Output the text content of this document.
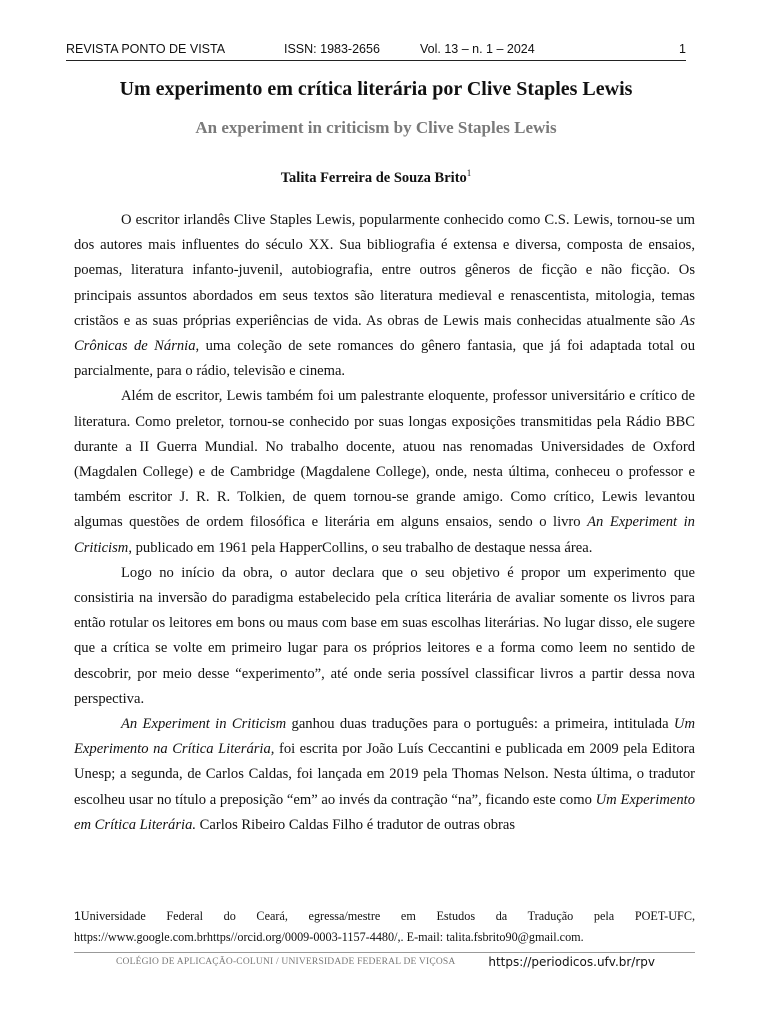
REVISTA PONTO DE VISTA	ISSN: 1983-2656	Vol. 13 – n. 1 – 2024	1
Um experimento em crítica literária por Clive Staples Lewis
An experiment in criticism by Clive Staples Lewis
Talita Ferreira de Souza Brito$^1$

O escritor irlandês Clive Staples Lewis, popularmente conhecido como C.S. Lewis, tornou-se um dos autores mais influentes do século XX. Sua bibliografia é extensa e diversa, composta de ensaios, poemas, literatura infanto-juvenil, autobiografia, entre outros gêneros de ficção e não ficção. Os principais assuntos abordados em seus textos são literatura medieval e renascentista, mitologia, temas cristãos e as suas próprias experiências de vida. As obras de Lewis mais conhecidas atualmente são As Crônicas de Nárnia, uma coleção de sete romances do gênero fantasia, que já foi adaptada total ou parcialmente, para o rádio, televisão e cinema.

Além de escritor, Lewis também foi um palestrante eloquente, professor universitário e crítico de literatura. Como preletor, tornou-se conhecido por suas longas exposições transmitidas pela Rádio BBC durante a II Guerra Mundial. No trabalho docente, atuou nas renomadas Universidades de Oxford (Magdalen College) e de Cambridge (Magdalene College), onde, nesta última, conheceu o professor e também escritor J. R. R. Tolkien, de quem tornou-se grande amigo. Como crítico, Lewis levantou algumas questões de ordem filosófica e literária em alguns ensaios, sendo o livro An Experiment in Criticism, publicado em 1961 pela HapperCollins, o seu trabalho de destaque nessa área.

Logo no início da obra, o autor declara que o seu objetivo é propor um experimento que consistiria na inversão do paradigma estabelecido pela crítica literária de avaliar somente os livros para então rotular os leitores em bons ou maus com base em suas escolhas literárias. No lugar disso, ele sugere que a crítica se volte em primeiro lugar para os próprios leitores e a forma como leem no sentido de descobrir, por meio desse “experimento”, até onde seria possível classificar livros a partir dessa nova perspectiva.

An Experiment in Criticism ganhou duas traduções para o português: a primeira, intitulada Um Experimento na Crítica Literária, foi escrita por João Luís Ceccantini e publicada em 2009 pela Editora Unesp; a segunda, de Carlos Caldas, foi lançada em 2019 pela Thomas Nelson. Nesta última, o tradutor escolheu usar no título a preposição “em” ao invés da contração “na”, ficando este como Um Experimento em Crítica Literária. Carlos Ribeiro Caldas Filho é tradutor de outras obras

1Universidade Federal do Ceará, egressa/mestre em Estudos da Tradução pela POET-UFC, https://www.google.com.brhttps//orcid.org/0009-0003-1157-4480/,. E-mail: talita.fsbrito90@gmail.com.
COLÉGIO DE APLICAÇÃO-COLUNI / UNIVERSIDADE FEDERAL DE VIÇOSA	https://periodicos.ufv.br/rpv
